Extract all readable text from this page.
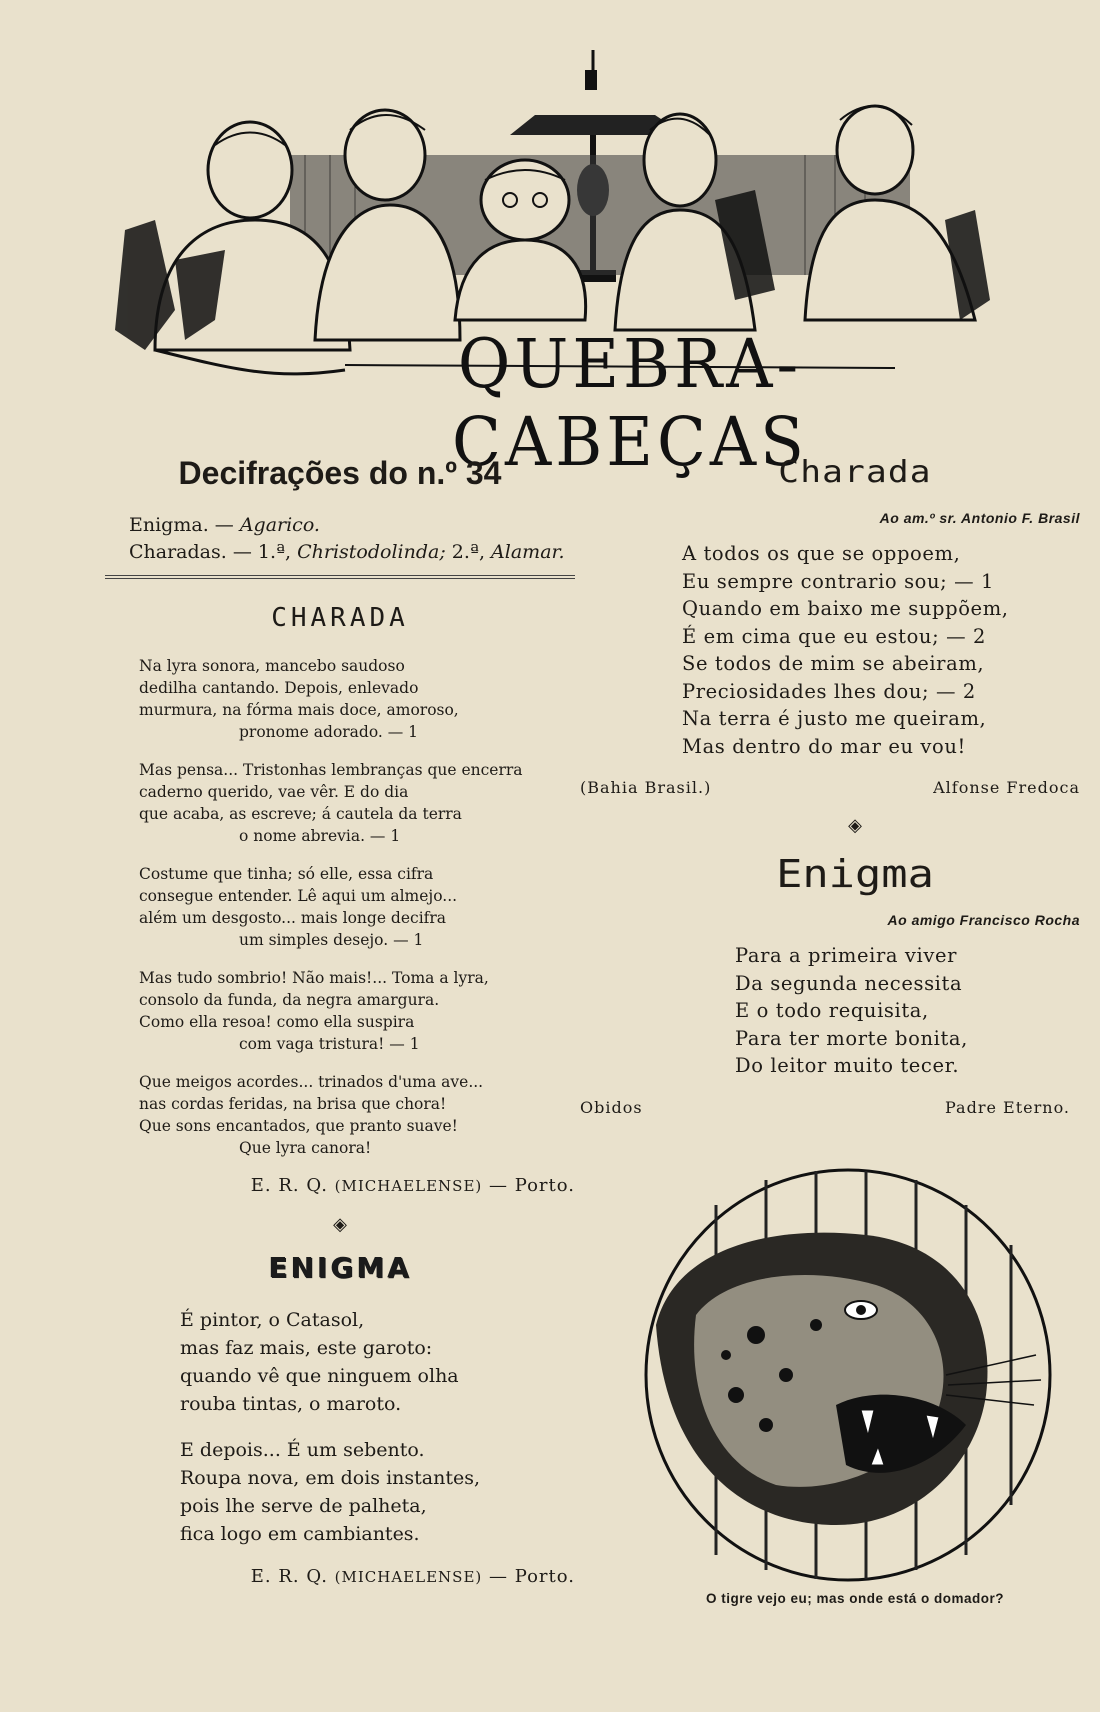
QUEBRA-CABEÇAS
Decifrações do n.º 34
Enigma. — Agarico.
Charadas. — 1.ª, Christodolinda; 2.ª, Alamar.
CHARADA
Na lyra sonora, mancebo saudoso
dedilha cantando. Depois, enlevado
murmura, na fórma mais doce, amoroso,
pronome adorado. — 1
Mas pensa... Tristonhas lembranças que encerra
caderno querido, vae vêr. E do dia
que acaba, as escreve; á cautela da terra
o nome abrevia. — 1
Costume que tinha; só elle, essa cifra
consegue entender. Lê aqui um almejo...
além um desgosto... mais longe decifra
um simples desejo. — 1
Mas tudo sombrio! Não mais!... Toma a lyra,
consolo da funda, da negra amargura.
Como ella resoa! como ella suspira
com vaga tristura! — 1
Que meigos acordes... trinados d'uma ave...
nas cordas feridas, na brisa que chora!
Que sons encantados, que pranto suave!
Que lyra canora!
E. R. Q. (MICHAELENSE) — Porto.
◈
ENIGMA
É pintor, o Catasol,
mas faz mais, este garoto:
quando vê que ninguem olha
rouba tintas, o maroto.
E depois... É um sebento.
Roupa nova, em dois instantes,
pois lhe serve de palheta,
fica logo em cambiantes.
E. R. Q. (MICHAELENSE) — Porto.
Charada
Ao am.º sr. Antonio F. Brasil
A todos os que se oppoem,
Eu sempre contrario sou; — 1
Quando em baixo me suppõem,
É em cima que eu estou; — 2
Se todos de mim se abeiram,
Preciosidades lhes dou; — 2
Na terra é justo me queiram,
Mas dentro do mar eu vou!
(Bahia Brasil.)	Alfonse Fredoca
◈
Enigma
Ao amigo Francisco Rocha
Para a primeira viver
Da segunda necessita
E o todo requisita,
Para ter morte bonita,
Do leitor muito tecer.
Obidos	Padre Eterno.
O tigre vejo eu; mas onde está o domador?
